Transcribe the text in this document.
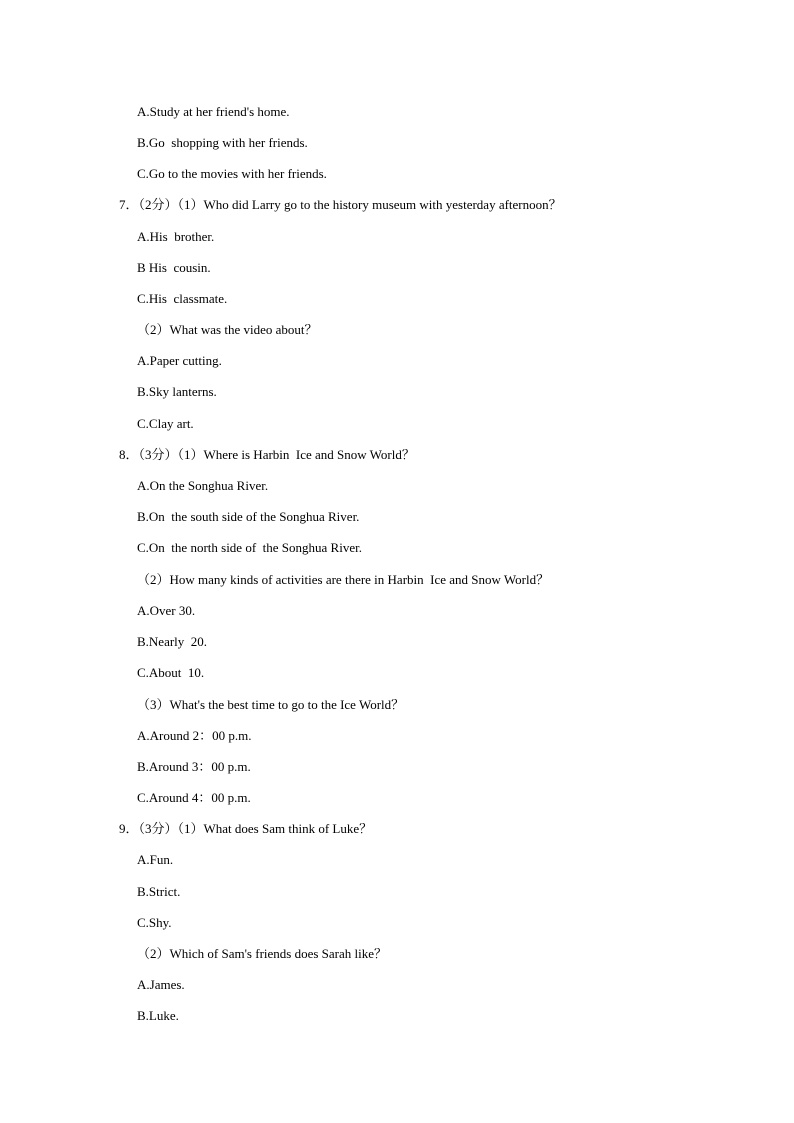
A.Study at her friend's home.
B.Go  shopping with her friends.
C.Go to the movies with her friends.
7．（2分）（1）Who did Larry go to the history museum with yesterday afternoon？
A.His  brother.
B His  cousin.
C.His  classmate.
（2）What was the video about？
A.Paper cutting.
B.Sky lanterns.
C.Clay art.
8．（3分）（1）Where is Harbin  Ice and Snow World？
A.On the Songhua River.
B.On  the south side of the Songhua River.
C.On  the north side of  the Songhua River.
（2）How many kinds of activities are there in Harbin  Ice and Snow World？
A.Over 30.
B.Nearly  20.
C.About  10.
（3）What's the best time to go to the Ice World？
A.Around 2：00 p.m.
B.Around 3：00 p.m.
C.Around 4：00 p.m.
9．（3分）（1）What does Sam think of Luke？
A.Fun.
B.Strict.
C.Shy.
（2）Which of Sam's friends does Sarah like？
A.James.
B.Luke.
